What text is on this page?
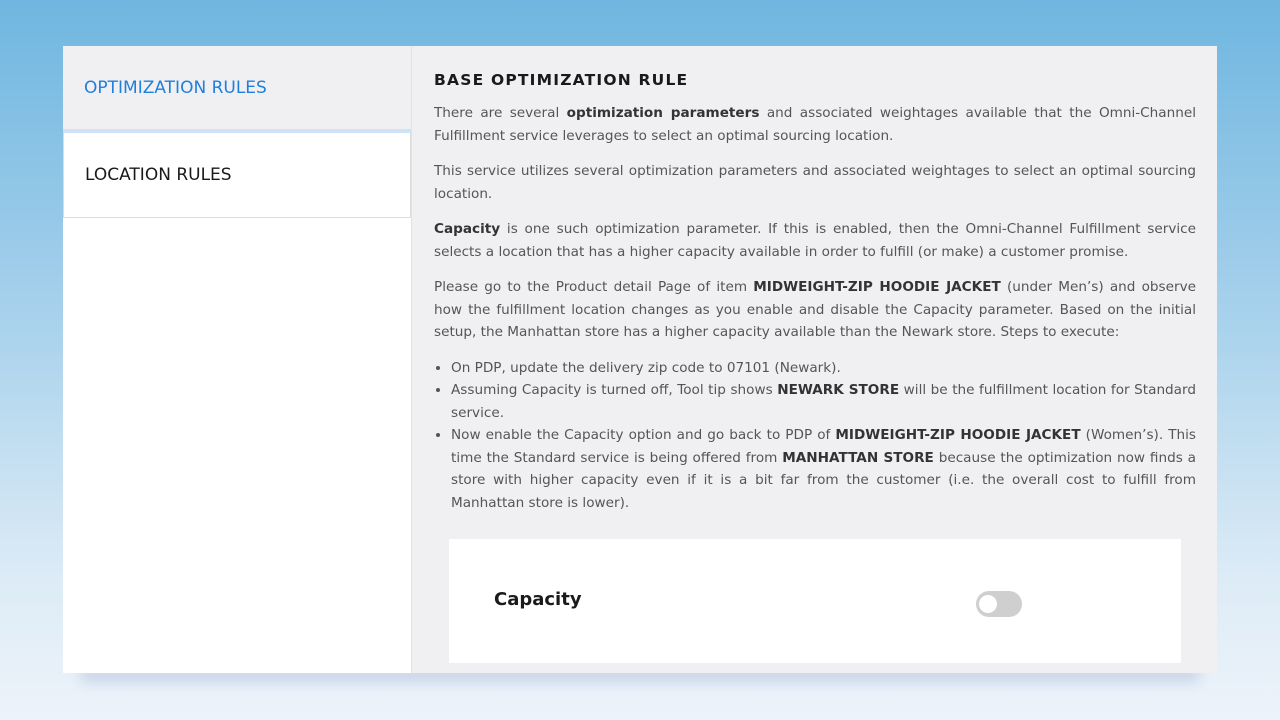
OPTIMIZATION RULES
LOCATION RULES
BASE OPTIMIZATION RULE

There are several optimization parameters and associated weightages available that the Omni-Channel Fulfillment service leverages to select an optimal sourcing location.

This service utilizes several optimization parameters and associated weightages to select an optimal sourcing location.

Capacity is one such optimization parameter. If this is enabled, then the Omni-Channel Fulfillment service selects a location that has a higher capacity available in order to fulfill (or make) a customer promise.

Please go to the Product detail Page of item MIDWEIGHT-ZIP HOODIE JACKET (under Men’s) and observe how the fulfillment location changes as you enable and disable the Capacity parameter. Based on the initial setup, the Manhattan store has a higher capacity available than the Newark store. Steps to execute:

• On PDP, update the delivery zip code to 07101 (Newark).
• Assuming Capacity is turned off, Tool tip shows NEWARK STORE will be the fulfillment location for Standard service.
• Now enable the Capacity option and go back to PDP of MIDWEIGHT-ZIP HOODIE JACKET (Women’s). This time the Standard service is being offered from MANHATTAN STORE because the optimization now finds a store with higher capacity even if it is a bit far from the customer (i.e. the overall cost to fulfill from Manhattan store is lower).
Capacity
